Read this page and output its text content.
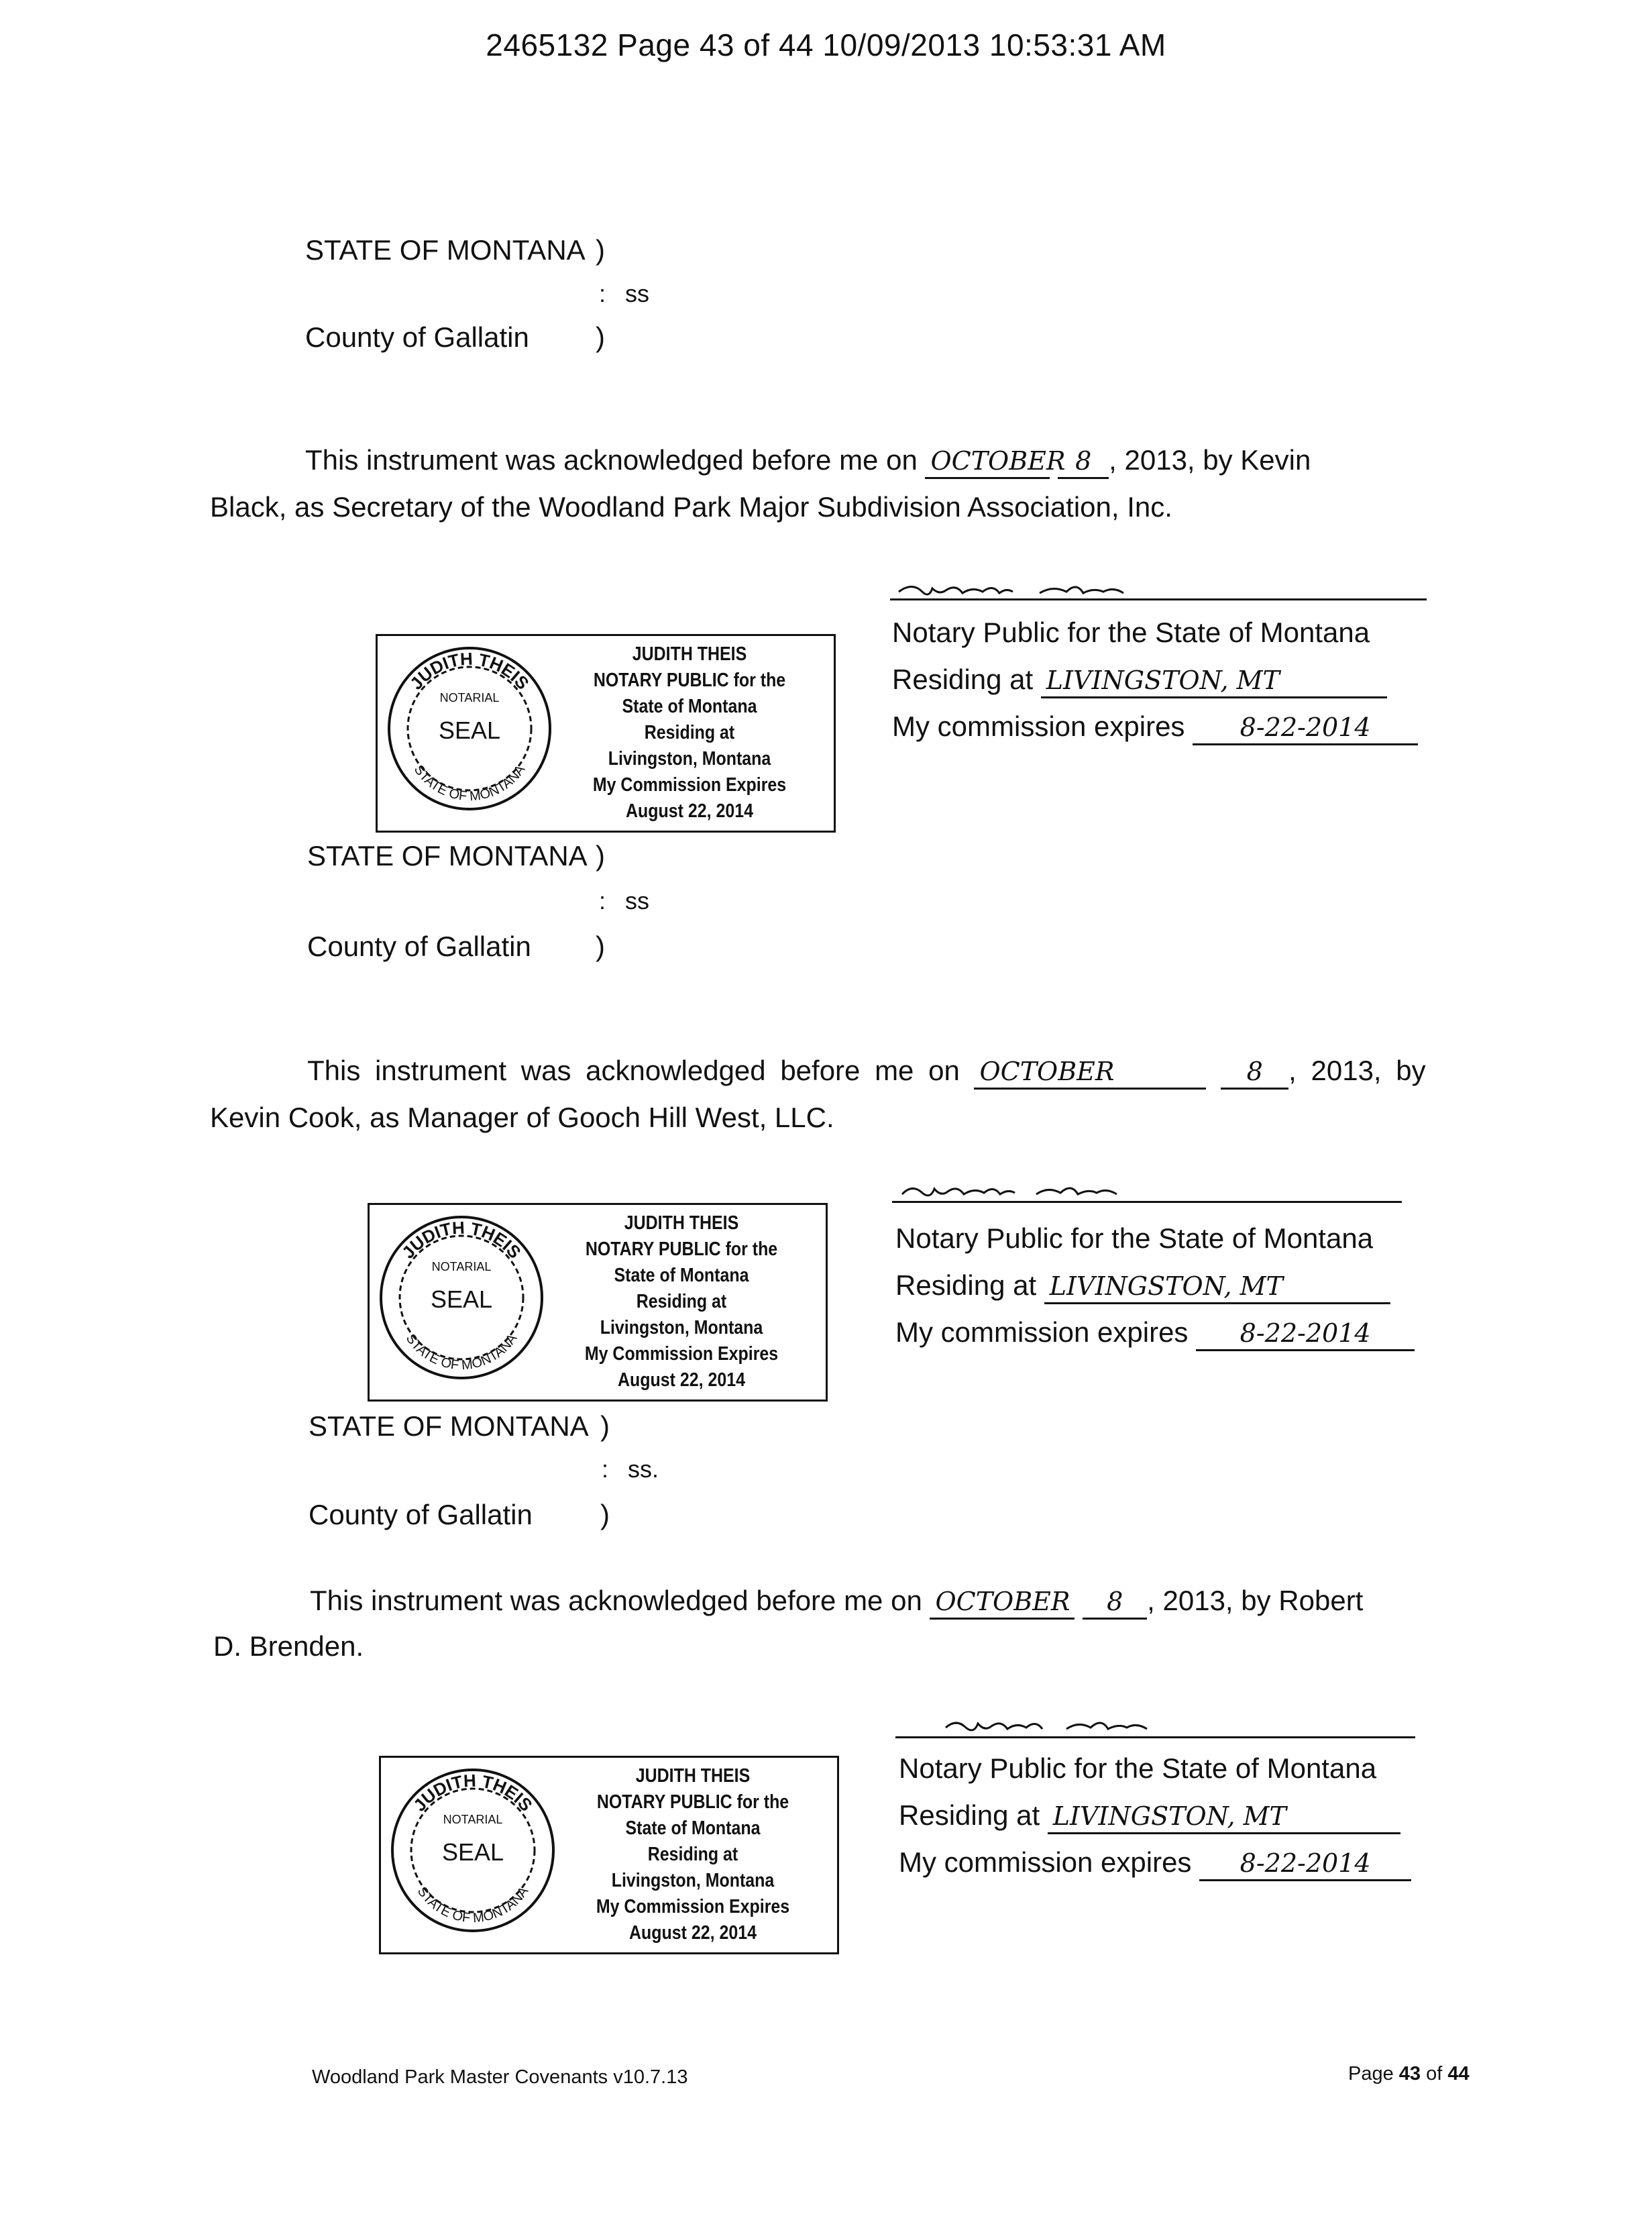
2465132 Page 43 of 44 10/09/2013 10:53:31 AM
STATE OF MONTANA )
: ss
County of Gallatin )
This instrument was acknowledged before me on OCTOBER 8 , 2013, by Kevin
Black, as Secretary of the Woodland Park Major Subdivision Association, Inc.
Notary Public for the State of Montana
Residing at LIVINGSTON, MT
My commission expires 8-22-2014
JUDITH THEIS
STATE OF MONTANA
NOTARIAL
SEAL
JUDITH THEIS
NOTARY PUBLIC for the
State of Montana
Residing at
Livingston, Montana
My Commission Expires
August 22, 2014
STATE OF MONTANA )
: ss
County of Gallatin )
This instrument was acknowledged before me on OCTOBER	8 , 2013, by
Kevin Cook, as Manager of Gooch Hill West, LLC.
Notary Public for the State of Montana
Residing at LIVINGSTON, MT
My commission expires 8-22-2014
JUDITH THEIS
STATE OF MONTANA
NOTARIAL
SEAL
JUDITH THEIS
NOTARY PUBLIC for the
State of Montana
Residing at
Livingston, Montana
My Commission Expires
August 22, 2014
STATE OF MONTANA )
: ss.
County of Gallatin )
This instrument was acknowledged before me on OCTOBER 8 , 2013, by Robert
D. Brenden.
Notary Public for the State of Montana
Residing at LIVINGSTON, MT
My commission expires 8-22-2014
JUDITH THEIS
STATE OF MONTANA
NOTARIAL
SEAL
JUDITH THEIS
NOTARY PUBLIC for the
State of Montana
Residing at
Livingston, Montana
My Commission Expires
August 22, 2014
Woodland Park Master Covenants v10.7.13	Page 43 of 44
